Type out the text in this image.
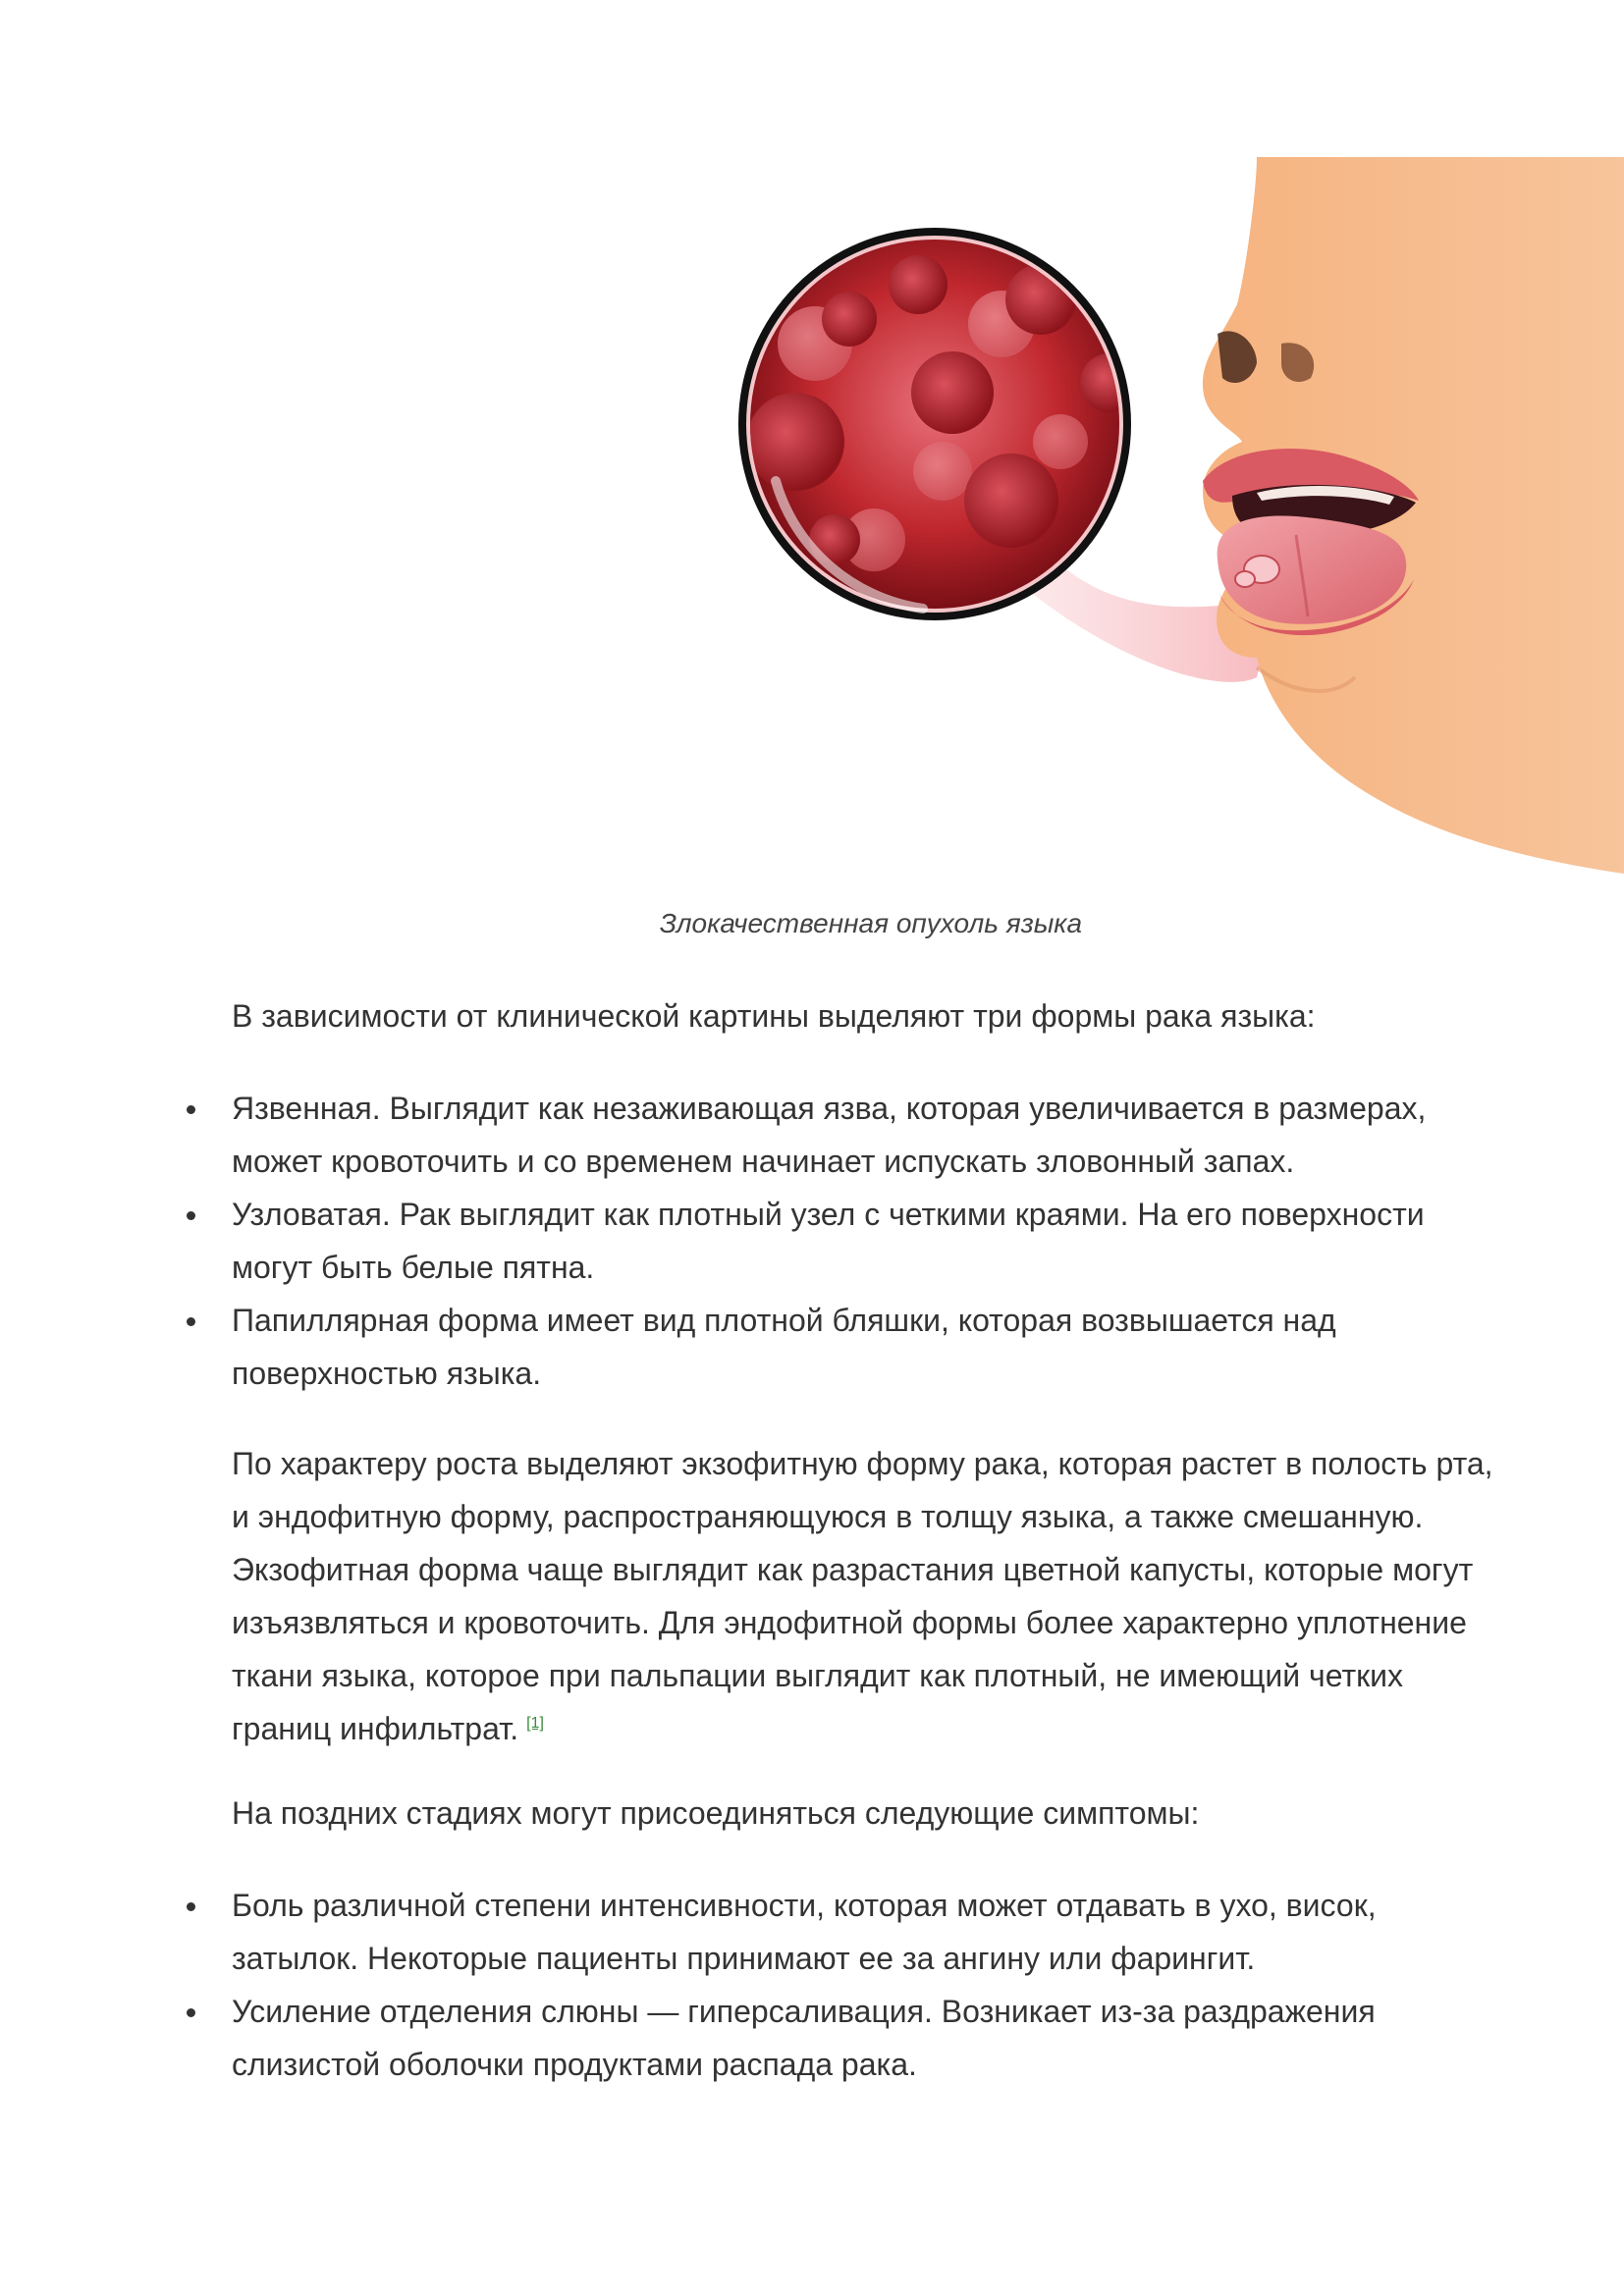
Злокачественная опухоль языка

В зависимости от клинической картины выделяют три формы рака языка:

Язвенная. Выглядит как незаживающая язва, которая увеличивается в размерах, может кровоточить и со временем начинает испускать зловонный запах.
Узловатая. Рак выглядит как плотный узел с четкими краями. На его поверхности могут быть белые пятна.
Папиллярная форма имеет вид плотной бляшки, которая возвышается над поверхностью языка.

По характеру роста выделяют экзофитную форму рака, которая растет в полость рта, и эндофитную форму, распространяющуюся в толщу языка, а также смешанную. Экзофитная форма чаще выглядит как разрастания цветной капусты, которые могут изъязвляться и кровоточить. Для эндофитной формы более характерно уплотнение ткани языка, которое при пальпации выглядит как плотный, не имеющий четких границ инфильтрат. [1]

На поздних стадиях могут присоединяться следующие симптомы:

Боль различной степени интенсивности, которая может отдавать в ухо, висок, затылок. Некоторые пациенты принимают ее за ангину или фарингит.
Усиление отделения слюны — гиперсаливация. Возникает из-за раздражения слизистой оболочки продуктами распада рака.
